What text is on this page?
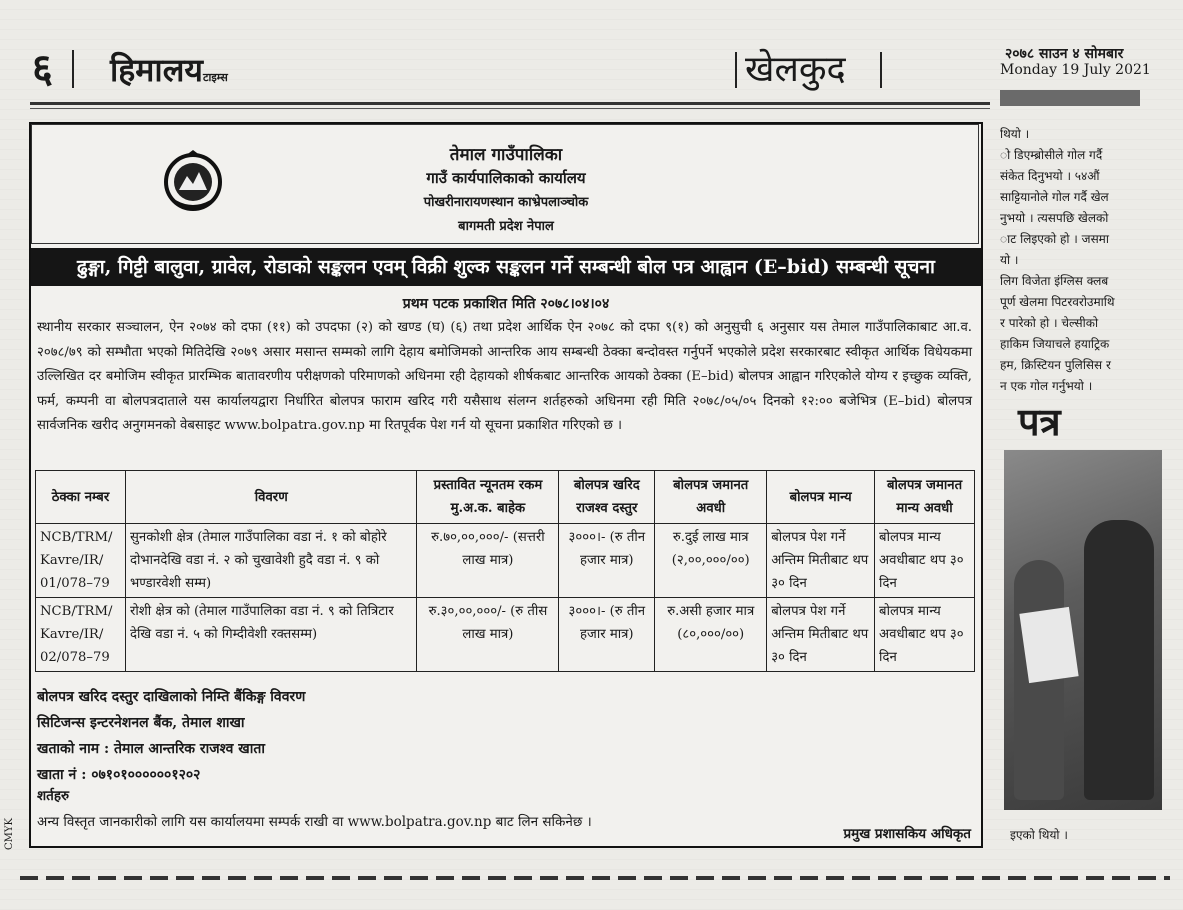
६ हिमालयटाइम्स	खेलकुद	२०७८ साउन ४ सोमबार
Monday 19 July 2021
तेमाल गाउँपालिका
गाउँ कार्यपालिकाको कार्यालय
पोखरीनारायणस्थान काभ्रेपलाञ्चोक
बागमती प्रदेश नेपाल
ढुङ्गा, गिट्टी बालुवा, ग्रावेल, रोडाको सङ्कलन एवम् विक्री शुल्क सङ्कलन गर्ने सम्बन्धी बोल पत्र आह्वान (E–bid) सम्बन्धी सूचना
प्रथम पटक प्रकाशित मिति २०७८।०४।०४
स्थानीय सरकार सञ्चालन, ऐन २०७४ को दफा (११) को उपदफा (२) को खण्ड (घ) (६) तथा प्रदेश आर्थिक ऐन २०७८ को दफा ९(१) को अनुसुची ६ अनुसार यस तेमाल गाउँपालिकाबाट आ.व. २०७८/७९ को सम्भौता भएको मितिदेखि २०७९ असार मसान्त सम्मको लागि देहाय बमोजिमको आन्तरिक आय सम्बन्धी ठेक्का बन्दोवस्त गर्नुपर्ने भएकोले प्रदेश सरकारबाट स्वीकृत आर्थिक विधेयकमा उल्लिखित दर बमोजिम स्वीकृत प्रारम्भिक बातावरणीय परीक्षणको परिमाणको अधिनमा रही देहायको शीर्षकबाट आन्तरिक आयको ठेक्का (E–bid) बोलपत्र आह्वान गरिएकोले योग्य र इच्छुक व्यक्ति, फर्म, कम्पनी वा बोलपत्रदाताले यस कार्यालयद्वारा निर्धारित बोलपत्र फाराम खरिद गरी यसैसाथ संलग्न शर्तहरुको अधिनमा रही मिति २०७८/०५/०५ दिनको १२:०० बजेभित्र (E–bid) बोलपत्र सार्वजनिक खरीद अनुगमनको वेबसाइट www.bolpatra.gov.np मा रितपूर्वक पेश गर्न यो सूचना प्रकाशित गरिएको छ ।
ठेक्का नम्बर	विवरण	प्रस्तावित न्यूनतम रकम मु.अ.क. बाहेक	बोलपत्र खरिद राजश्व दस्तुर	बोलपत्र जमानत अवधी	बोलपत्र मान्य	बोलपत्र जमानत मान्य अवधी
NCB/TRM/ Kavre/IR/ 01/078–79	सुनकोशी क्षेत्र (तेमाल गाउँपालिका वडा नं. १ को बोहोरे दोभानदेखि वडा नं. २ को चुखावेशी हुदै वडा नं. ९ को भण्डारवेशी सम्म)	रु.७०,००,०००/- (सत्तरी लाख मात्र)	३०००।- (रु तीन हजार मात्र)	रु.दुई लाख मात्र (२,००,०००/००)	बोलपत्र पेश गर्ने अन्तिम मितीबाट थप ३० दिन	बोलपत्र मान्य अवधीबाट थप ३० दिन
NCB/TRM/ Kavre/IR/ 02/078–79	रोशी क्षेत्र को (तेमाल गाउँपालिका वडा नं. ९ को तित्रिटार देखि वडा नं. ५ को गिम्दीवेशी रक्तसम्म)	रु.३०,००,०००/- (रु तीस लाख मात्र)	३०००।- (रु तीन हजार मात्र)	रु.असी हजार मात्र (८०,०००/००)	बोलपत्र पेश गर्ने अन्तिम मितीबाट थप ३० दिन	बोलपत्र मान्य अवधीबाट थप ३० दिन
बोलपत्र खरिद दस्तुर दाखिलाको निम्ति बैंकिङ्ग विवरण
सिटिजन्स इन्टरनेशनल बैंक, तेमाल शाखा
खताको नाम : तेमाल आन्तरिक राजश्व खाता
खाता नं : ०७१०१००००००१२०२
शर्तहरु
अन्य विस्तृत जानकारीको लागि यस कार्यालयमा सम्पर्क राखी वा www.bolpatra.gov.np बाट लिन सकिनेछ ।
प्रमुख प्रशासकिय अधिकृत
थियो ।
ो डिएम्ब्रोसीले गोल गर्दै
संकेत दिनुभयो । ५४औं
साट्टियानोले गोल गर्दै खेल
नुभयो । त्यसपछि खेलको
ाट लिइएको हो । जसमा
यो ।
लिग विजेता इंग्लिस क्लब
पूर्ण खेलमा पिटरवरोउमाथि
र पारेको हो । चेल्सीको
हाकिम जियाचले हयाट्रिक
हम, क्रिस्टियन पुलिसिस र
न एक गोल गर्नुभयो ।
पत्र
इएको थियो ।
CMYK
